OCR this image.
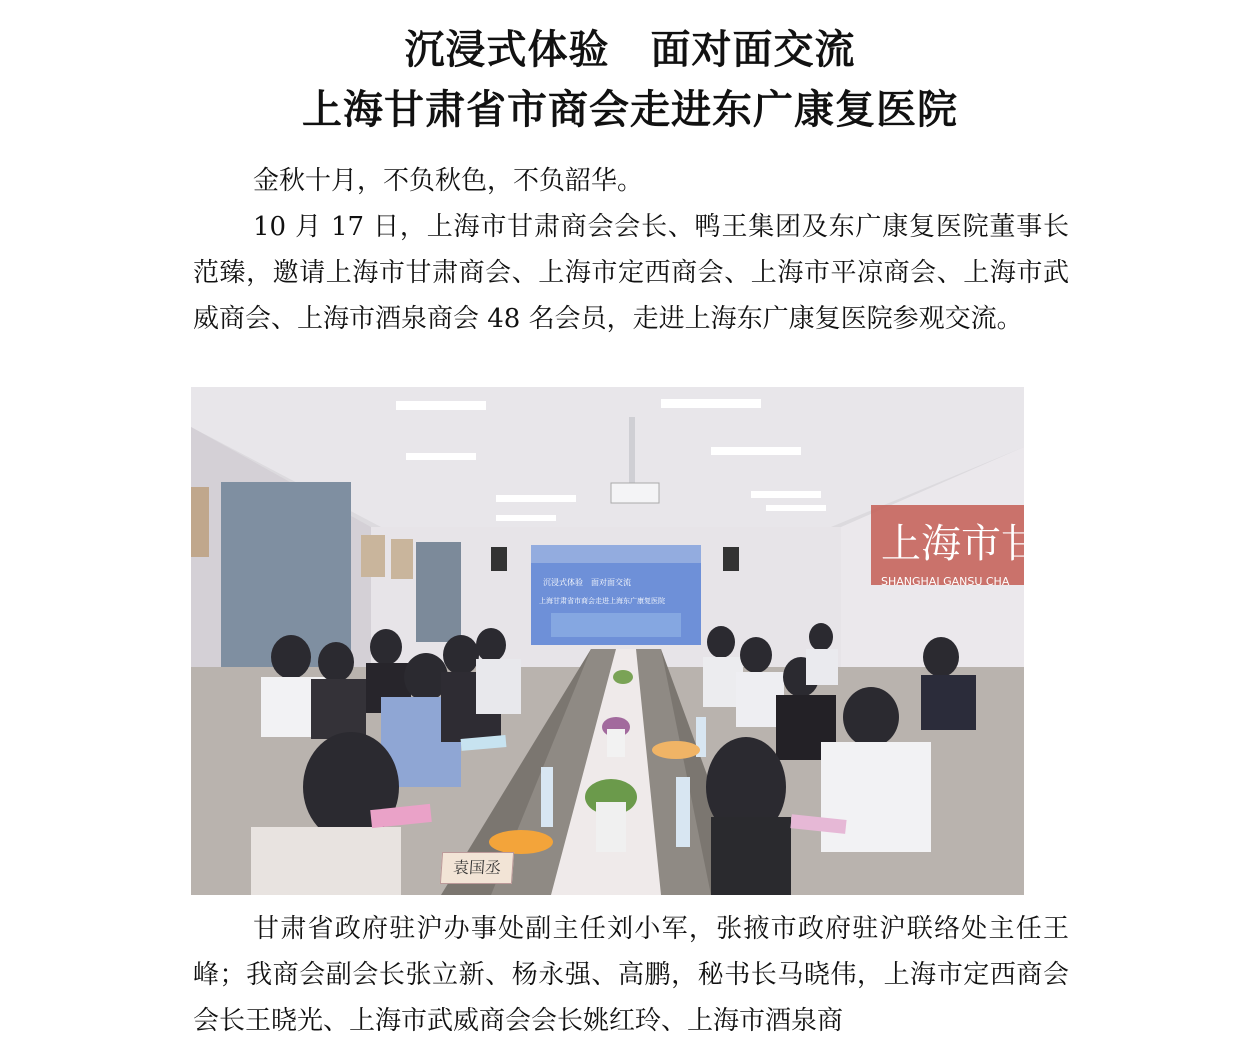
沉浸式体验　面对面交流
上海甘肃省市商会走进东广康复医院

金秋十月，不负秋色，不负韶华。

10 月 17 日，上海市甘肃商会会长、鸭王集团及东广康复医院董事长范臻，邀请上海市甘肃商会、上海市定西商会、上海市平凉商会、上海市武威商会、上海市酒泉商会 48 名会员，走进上海东广康复医院参观交流。

上海市甘
SHANGHAI GANSU CHA
沉浸式体验　面对面交流
上海甘肃省市商会走进上海东广康复医院
袁国丞

甘肃省政府驻沪办事处副主任刘小军，张掖市政府驻沪联络处主任王峰；我商会副会长张立新、杨永强、高鹏，秘书长马晓伟，上海市定西商会会长王晓光、上海市武威商会会长姚红玲、上海市酒泉商
